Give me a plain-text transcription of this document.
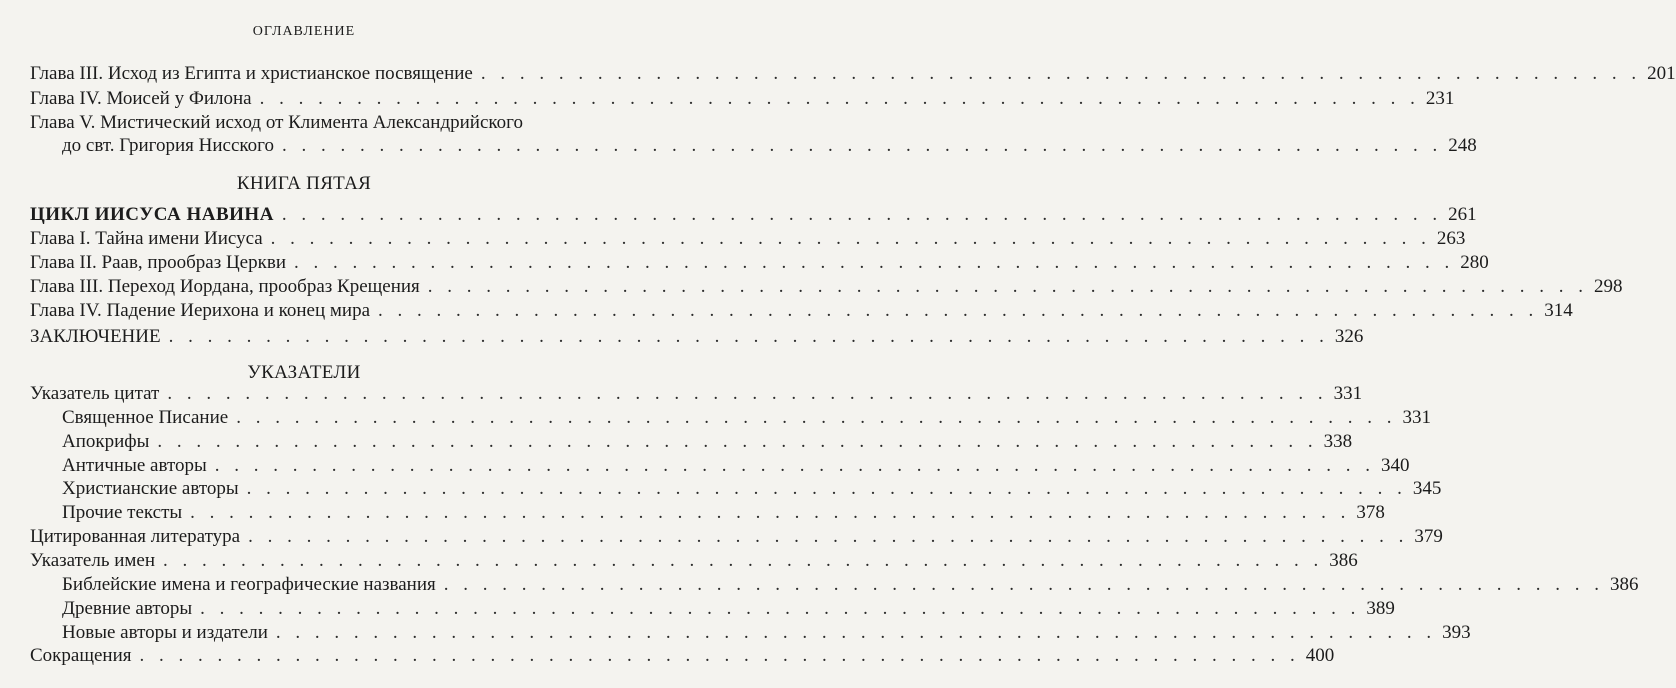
ОГЛАВЛЕНИЕ
Глава III. Исход из Египта и христианское посвящение . . . . . . . . . . . . . . . . . . . . . . . . . . . . . . . . . . . . . . . . . . . . . . . . . . . . . . . . . . . . 201
Глава IV. Моисей у Филона . . . . . . . . . . . . . . . . . . . . . . . . . . . . . . . . . . . . . . . . . . . . . . . . . . . . . . . . . . . . 231
Глава V. Мистический исход от Климента Александрийского
до свт. Григория Нисского . . . . . . . . . . . . . . . . . . . . . . . . . . . . . . . . . . . . . . . . . . . . . . . . . . . . . . . . . . . . 248
КНИГА ПЯТАЯ
ЦИКЛ ИИСУСА НАВИНА . . . . . . . . . . . . . . . . . . . . . . . . . . . . . . . . . . . . . . . . . . . . . . . . . . . . . . . . . . . . 261
Глава I. Тайна имени Иисуса . . . . . . . . . . . . . . . . . . . . . . . . . . . . . . . . . . . . . . . . . . . . . . . . . . . . . . . . . . . . 263
Глава II. Раав, прообраз Церкви . . . . . . . . . . . . . . . . . . . . . . . . . . . . . . . . . . . . . . . . . . . . . . . . . . . . . . . . . . . . 280
Глава III. Переход Иордана, прообраз Крещения . . . . . . . . . . . . . . . . . . . . . . . . . . . . . . . . . . . . . . . . . . . . . . . . . . . . . . . . . . . . 298
Глава IV. Падение Иерихона и конец мира . . . . . . . . . . . . . . . . . . . . . . . . . . . . . . . . . . . . . . . . . . . . . . . . . . . . . . . . . . . . 314
ЗАКЛЮЧЕНИЕ . . . . . . . . . . . . . . . . . . . . . . . . . . . . . . . . . . . . . . . . . . . . . . . . . . . . . . . . . . . . 326
УКАЗАТЕЛИ
Указатель цитат . . . . . . . . . . . . . . . . . . . . . . . . . . . . . . . . . . . . . . . . . . . . . . . . . . . . . . . . . . . . 331
Священное Писание . . . . . . . . . . . . . . . . . . . . . . . . . . . . . . . . . . . . . . . . . . . . . . . . . . . . . . . . . . . . 331
Апокрифы . . . . . . . . . . . . . . . . . . . . . . . . . . . . . . . . . . . . . . . . . . . . . . . . . . . . . . . . . . . . 338
Античные авторы . . . . . . . . . . . . . . . . . . . . . . . . . . . . . . . . . . . . . . . . . . . . . . . . . . . . . . . . . . . . 340
Христианские авторы . . . . . . . . . . . . . . . . . . . . . . . . . . . . . . . . . . . . . . . . . . . . . . . . . . . . . . . . . . . . 345
Прочие тексты . . . . . . . . . . . . . . . . . . . . . . . . . . . . . . . . . . . . . . . . . . . . . . . . . . . . . . . . . . . . 378
Цитированная литература . . . . . . . . . . . . . . . . . . . . . . . . . . . . . . . . . . . . . . . . . . . . . . . . . . . . . . . . . . . . 379
Указатель имен . . . . . . . . . . . . . . . . . . . . . . . . . . . . . . . . . . . . . . . . . . . . . . . . . . . . . . . . . . . . 386
Библейские имена и географические названия . . . . . . . . . . . . . . . . . . . . . . . . . . . . . . . . . . . . . . . . . . . . . . . . . . . . . . . . . . . . 386
Древние авторы . . . . . . . . . . . . . . . . . . . . . . . . . . . . . . . . . . . . . . . . . . . . . . . . . . . . . . . . . . . . 389
Новые авторы и издатели . . . . . . . . . . . . . . . . . . . . . . . . . . . . . . . . . . . . . . . . . . . . . . . . . . . . . . . . . . . . 393
Сокращения . . . . . . . . . . . . . . . . . . . . . . . . . . . . . . . . . . . . . . . . . . . . . . . . . . . . . . . . . . . . 400
